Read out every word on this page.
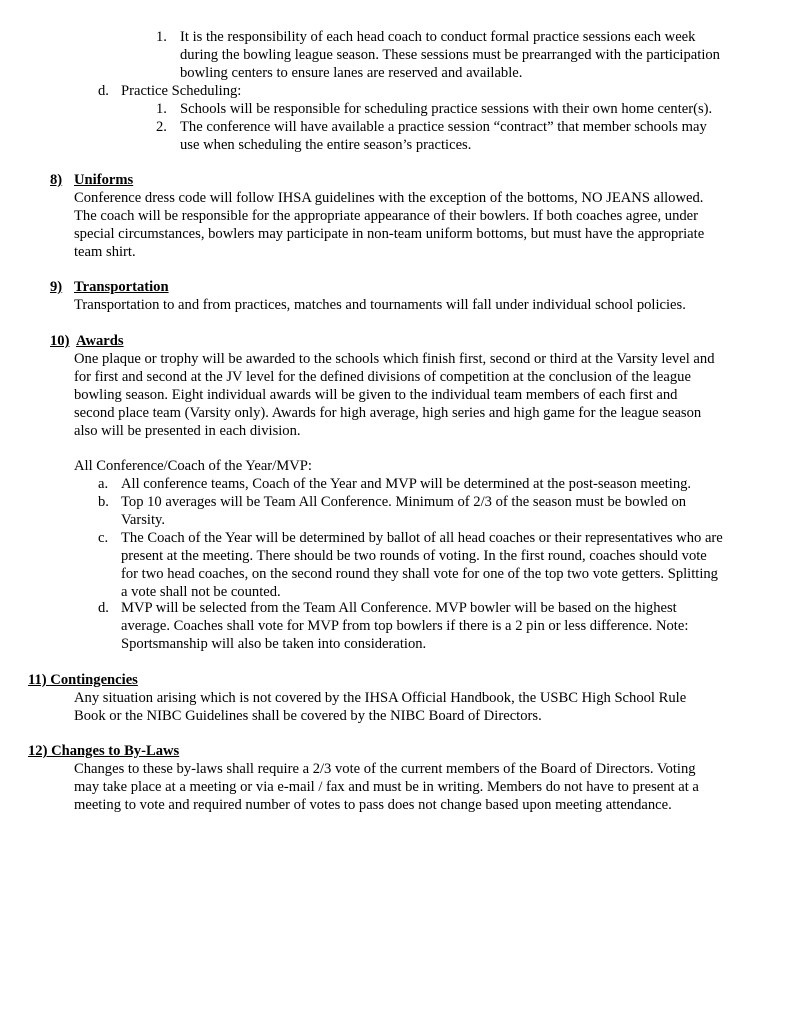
1. It is the responsibility of each head coach to conduct formal practice sessions each week
during the bowling league season. These sessions must be prearranged with the participation
bowling centers to ensure lanes are reserved and available.
d. Practice Scheduling:
1. Schools will be responsible for scheduling practice sessions with their own home center(s).
2. The conference will have available a practice session “contract” that member schools may
use when scheduling the entire season’s practices.
8) Uniforms
Conference dress code will follow IHSA guidelines with the exception of the bottoms, NO JEANS allowed.
The coach will be responsible for the appropriate appearance of their bowlers. If both coaches agree, under
special circumstances, bowlers may participate in non-team uniform bottoms, but must have the appropriate
team shirt.
9) Transportation
Transportation to and from practices, matches and tournaments will fall under individual school policies.
10) Awards
One plaque or trophy will be awarded to the schools which finish first, second or third at the Varsity level and
for first and second at the JV level for the defined divisions of competition at the conclusion of the league
bowling season. Eight individual awards will be given to the individual team members of each first and
second place team (Varsity only). Awards for high average, high series and high game for the league season
also will be presented in each division.
All Conference/Coach of the Year/MVP:
a. All conference teams, Coach of the Year and MVP will be determined at the post-season meeting.
b. Top 10 averages will be Team All Conference. Minimum of 2/3 of the season must be bowled on
Varsity.
c. The Coach of the Year will be determined by ballot of all head coaches or their representatives who are
present at the meeting. There should be two rounds of voting. In the first round, coaches should vote
for two head coaches, on the second round they shall vote for one of the top two vote getters. Splitting
a vote shall not be counted.
d. MVP will be selected from the Team All Conference. MVP bowler will be based on the highest
average. Coaches shall vote for MVP from top bowlers if there is a 2 pin or less difference. Note:
Sportsmanship will also be taken into consideration.
11) Contingencies
Any situation arising which is not covered by the IHSA Official Handbook, the USBC High School Rule
Book or the NIBC Guidelines shall be covered by the NIBC Board of Directors.
12) Changes to By-Laws
Changes to these by-laws shall require a 2/3 vote of the current members of the Board of Directors. Voting
may take place at a meeting or via e-mail / fax and must be in writing. Members do not have to present at a
meeting to vote and required number of votes to pass does not change based upon meeting attendance.
